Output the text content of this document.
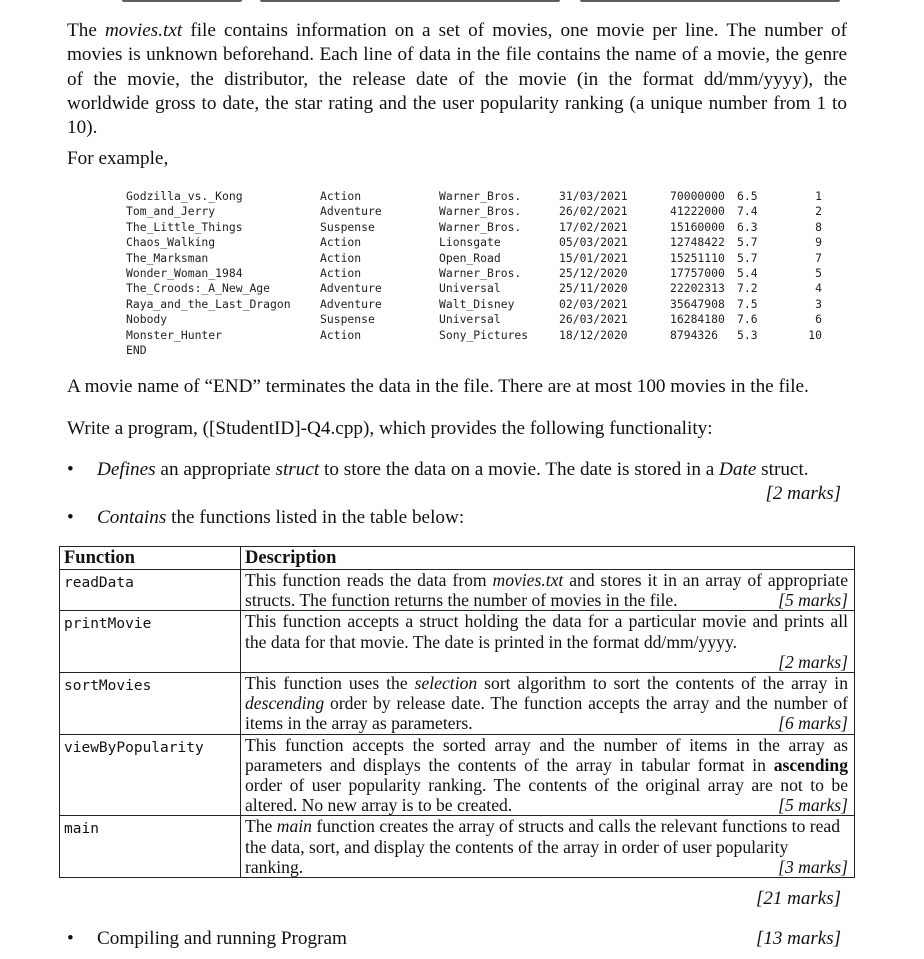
The movies.txt file contains information on a set of movies, one movie per line. The number of movies is unknown beforehand. Each line of data in the file contains the name of a movie, the genre of the movie, the distributor, the release date of the movie (in the format dd/mm/yyyy), the worldwide gross to date, the star rating and the user popularity ranking (a unique number from 1 to 10).

For example,
Godzilla_vs._Kong	Action	Warner_Bros.	31/03/2021	70000000 6.5	1
Tom_and_Jerry	Adventure	Warner_Bros.	26/02/2021	41222000 7.4	2
The_Little_Things	Suspense	Warner_Bros.	17/02/2021	15160000 6.3	8
Chaos_Walking	Action	Lionsgate	05/03/2021	12748422 5.7	9
The_Marksman	Action	Open_Road	15/01/2021	15251110 5.7	7
Wonder_Woman_1984	Action	Warner_Bros.	25/12/2020	17757000 5.4	5
The_Croods:_A_New_Age	Adventure	Universal	25/11/2020	22202313 7.2	4
Raya_and_the_Last_Dragon	Adventure	Walt_Disney	02/03/2021	35647908 7.5	3
Nobody	Suspense	Universal	26/03/2021	16284180 7.6	6
Monster_Hunter	Action	Sony_Pictures	18/12/2020	8794326 5.3	10
END
A movie name of “END” terminates the data in the file. There are at most 100 movies in the file.
Write a program, ([StudentID]-Q4.cpp), which provides the following functionality:
• Defines an appropriate struct to store the data on a movie. The date is stored in a Date struct.
[2 marks]
• Contains the functions listed in the table below:
Function	Description
readData	This function reads the data from movies.txt and stores it in an array of appropriate structs. The function returns the number of movies in the file. [5 marks]

printMovie	This function accepts a struct holding the data for a particular movie and prints all the data for that movie. The date is printed in the format dd/mm/yyyy.
[2 marks]

sortMovies	This function uses the selection sort algorithm to sort the contents of the array in descending order by release date. The function accepts the array and the number of items in the array as parameters. [6 marks]

viewByPopularity	This function accepts the sorted array and the number of items in the array as parameters and displays the contents of the array in tabular format in ascending order of user popularity ranking. The contents of the original array are not to be altered. No new array is to be created. [5 marks]

main	The main function creates the array of structs and calls the relevant functions to read the data, sort, and display the contents of the array in order of user popularity ranking. [3 marks]
[21 marks]
• Compiling and running Program	[13 marks]
